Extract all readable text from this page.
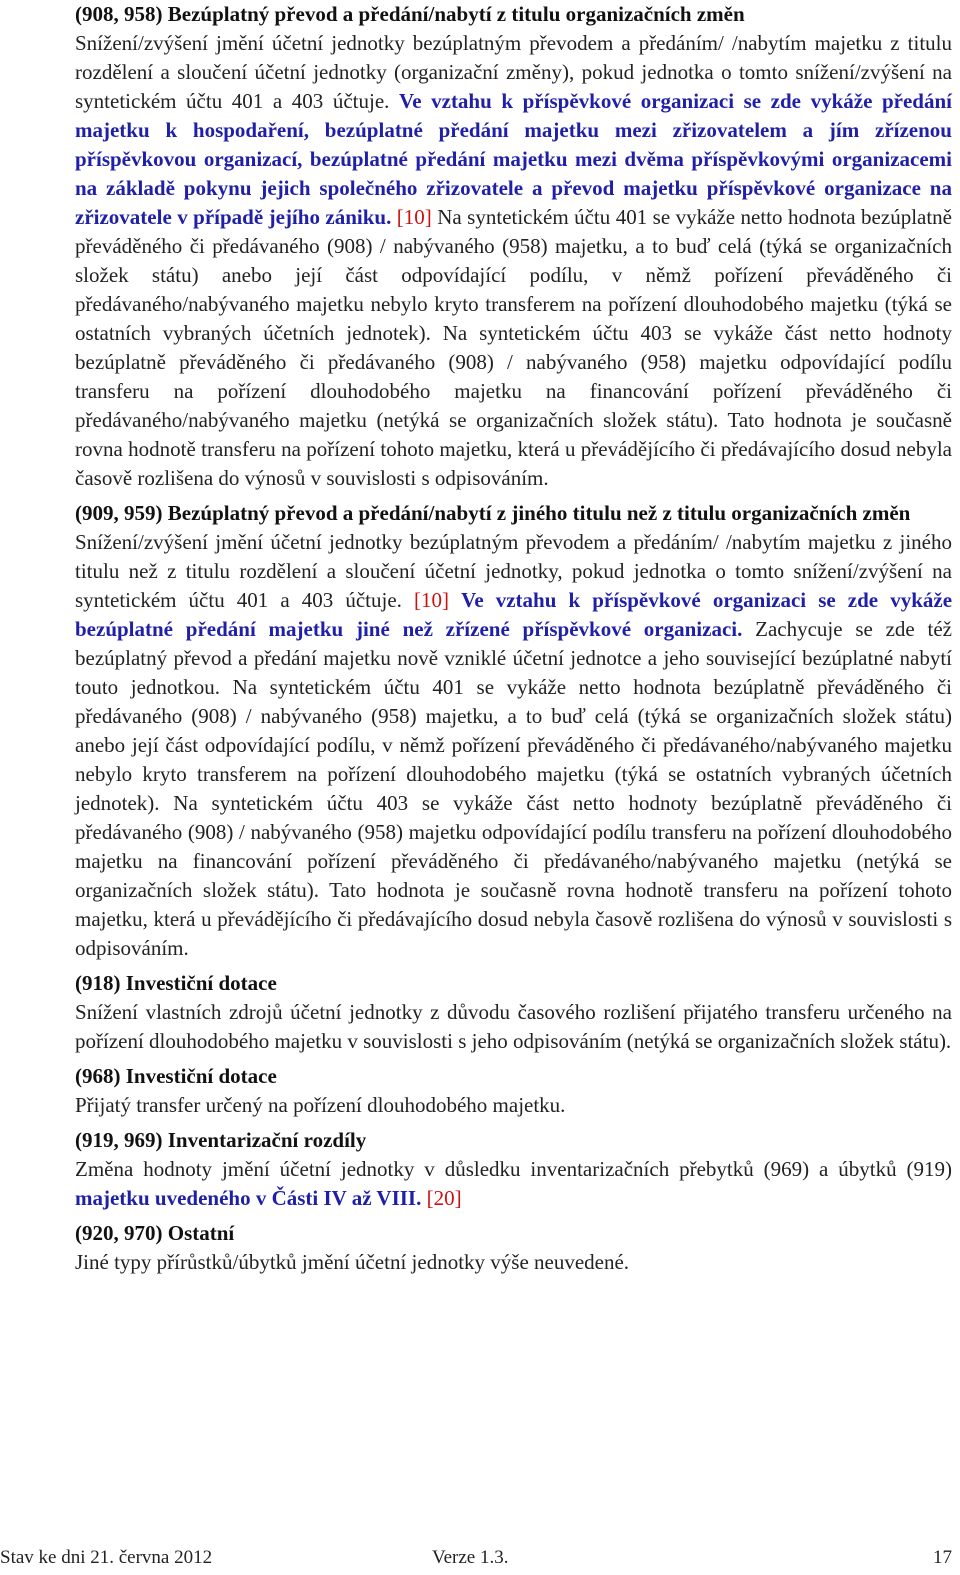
(908, 958) Bezúplatný převod a předání/nabytí z titulu organizačních změn

Snížení/zvýšení jmění účetní jednotky bezúplatným převodem a předáním/ /nabytím majetku z titulu rozdělení a sloučení účetní jednotky (organizační změny), pokud jednotka o tomto snížení/zvýšení na syntetickém účtu 401 a 403 účtuje. Ve vztahu k příspěvkové organizaci se zde vykáže předání majetku k hospodaření, bezúplatné předání majetku mezi zřizovatelem a jím zřízenou příspěvkovou organizací, bezúplatné předání majetku mezi dvěma příspěvkovými organizacemi na základě pokynu jejich společného zřizovatele a převod majetku příspěvkové organizace na zřizovatele v případě jejího zániku. [10] Na syntetickém účtu 401 se vykáže netto hodnota bezúplatně převáděného či předávaného (908) / nabývaného (958) majetku, a to buď celá (týká se organizačních složek státu) anebo její část odpovídající podílu, v němž pořízení převáděného či předávaného/nabývaného majetku nebylo kryto transferem na pořízení dlouhodobého majetku (týká se ostatních vybraných účetních jednotek). Na syntetickém účtu 403 se vykáže část netto hodnoty bezúplatně převáděného či předávaného (908) / nabývaného (958) majetku odpovídající podílu transferu na pořízení dlouhodobého majetku na financování pořízení převáděného či předávaného/nabývaného majetku (netýká se organizačních složek státu). Tato hodnota je současně rovna hodnotě transferu na pořízení tohoto majetku, která u převádějícího či předávajícího dosud nebyla časově rozlišena do výnosů v souvislosti s odpisováním.

(909, 959) Bezúplatný převod a předání/nabytí z jiného titulu než z titulu organizačních změn

Snížení/zvýšení jmění účetní jednotky bezúplatným převodem a předáním/ /nabytím majetku z jiného titulu než z titulu rozdělení a sloučení účetní jednotky, pokud jednotka o tomto snížení/zvýšení na syntetickém účtu 401 a 403 účtuje. [10] Ve vztahu k příspěvkové organizaci se zde vykáže bezúplatné předání majetku jiné než zřízené příspěvkové organizaci. Zachycuje se zde též bezúplatný převod a předání majetku nově vzniklé účetní jednotce a jeho související bezúplatné nabytí touto jednotkou. Na syntetickém účtu 401 se vykáže netto hodnota bezúplatně převáděného či předávaného (908) / nabývaného (958) majetku, a to buď celá (týká se organizačních složek státu) anebo její část odpovídající podílu, v němž pořízení převáděného či předávaného/nabývaného majetku nebylo kryto transferem na pořízení dlouhodobého majetku (týká se ostatních vybraných účetních jednotek). Na syntetickém účtu 403 se vykáže část netto hodnoty bezúplatně převáděného či předávaného (908) / nabývaného (958) majetku odpovídající podílu transferu na pořízení dlouhodobého majetku na financování pořízení převáděného či předávaného/nabývaného majetku (netýká se organizačních složek státu). Tato hodnota je současně rovna hodnotě transferu na pořízení tohoto majetku, která u převádějícího či předávajícího dosud nebyla časově rozlišena do výnosů v souvislosti s odpisováním.

(918) Investiční dotace

Snížení vlastních zdrojů účetní jednotky z důvodu časového rozlišení přijatého transferu určeného na pořízení dlouhodobého majetku v souvislosti s jeho odpisováním (netýká se organizačních složek státu).

(968) Investiční dotace

Přijatý transfer určený na pořízení dlouhodobého majetku.

(919, 969) Inventarizační rozdíly

Změna hodnoty jmění účetní jednotky v důsledku inventarizačních přebytků (969) a úbytků (919) majetku uvedeného v Části IV až VIII. [20]

(920, 970) Ostatní

Jiné typy přírůstků/úbytků jmění účetní jednotky výše neuvedené.

Stav ke dni 21. června 2012	Verze 1.3.	17
